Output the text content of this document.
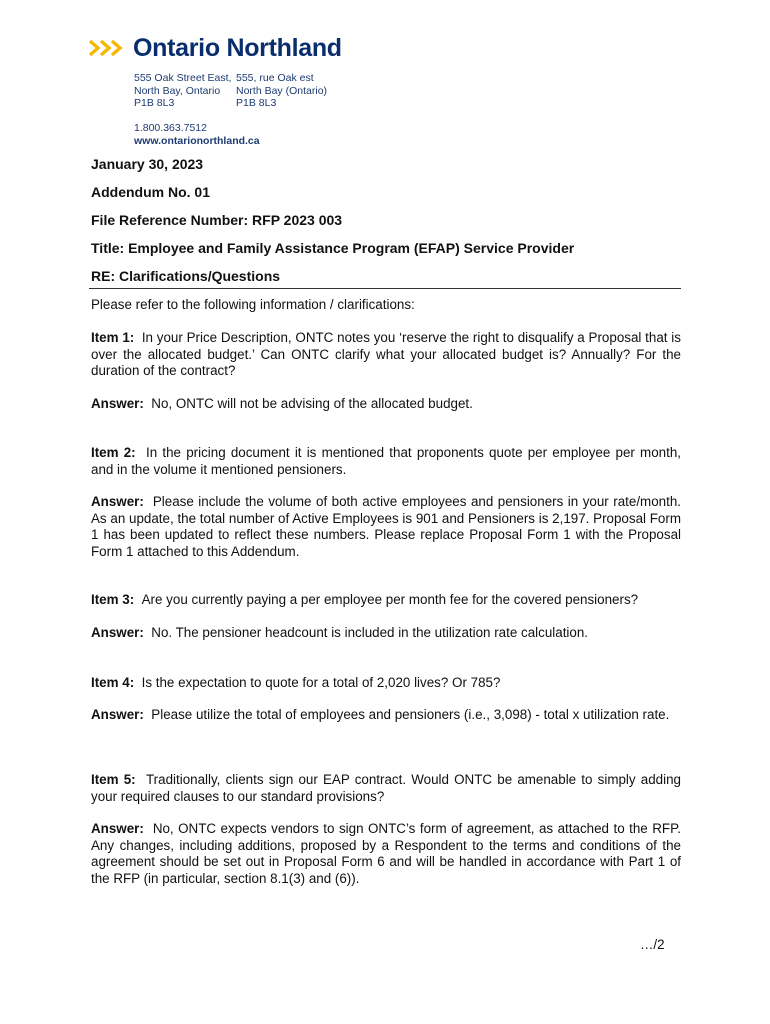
Ontario Northland
555 Oak Street East,
North Bay, Ontario
P1B 8L3
555, rue Oak est
North Bay (Ontario)
P1B 8L3
1.800.363.7512
www.ontarionorthland.ca
January 30, 2023
Addendum No. 01
File Reference Number: RFP 2023 003
Title: Employee and Family Assistance Program (EFAP) Service Provider
RE: Clarifications/Questions
Please refer to the following information / clarifications:
Item 1: In your Price Description, ONTC notes you ‘reserve the right to disqualify a Proposal that is over the allocated budget.’ Can ONTC clarify what your allocated budget is? Annually? For the duration of the contract?
Answer: No, ONTC will not be advising of the allocated budget.
Item 2: In the pricing document it is mentioned that proponents quote per employee per month, and in the volume it mentioned pensioners.
Answer: Please include the volume of both active employees and pensioners in your rate/month. As an update, the total number of Active Employees is 901 and Pensioners is 2,197. Proposal Form 1 has been updated to reflect these numbers. Please replace Proposal Form 1 with the Proposal Form 1 attached to this Addendum.
Item 3: Are you currently paying a per employee per month fee for the covered pensioners?
Answer: No. The pensioner headcount is included in the utilization rate calculation.
Item 4: Is the expectation to quote for a total of 2,020 lives? Or 785?
Answer: Please utilize the total of employees and pensioners (i.e., 3,098) - total x utilization rate.
Item 5: Traditionally, clients sign our EAP contract. Would ONTC be amenable to simply adding your required clauses to our standard provisions?
Answer: No, ONTC expects vendors to sign ONTC’s form of agreement, as attached to the RFP. Any changes, including additions, proposed by a Respondent to the terms and conditions of the agreement should be set out in Proposal Form 6 and will be handled in accordance with Part 1 of the RFP (in particular, section 8.1(3) and (6)).
…/2
